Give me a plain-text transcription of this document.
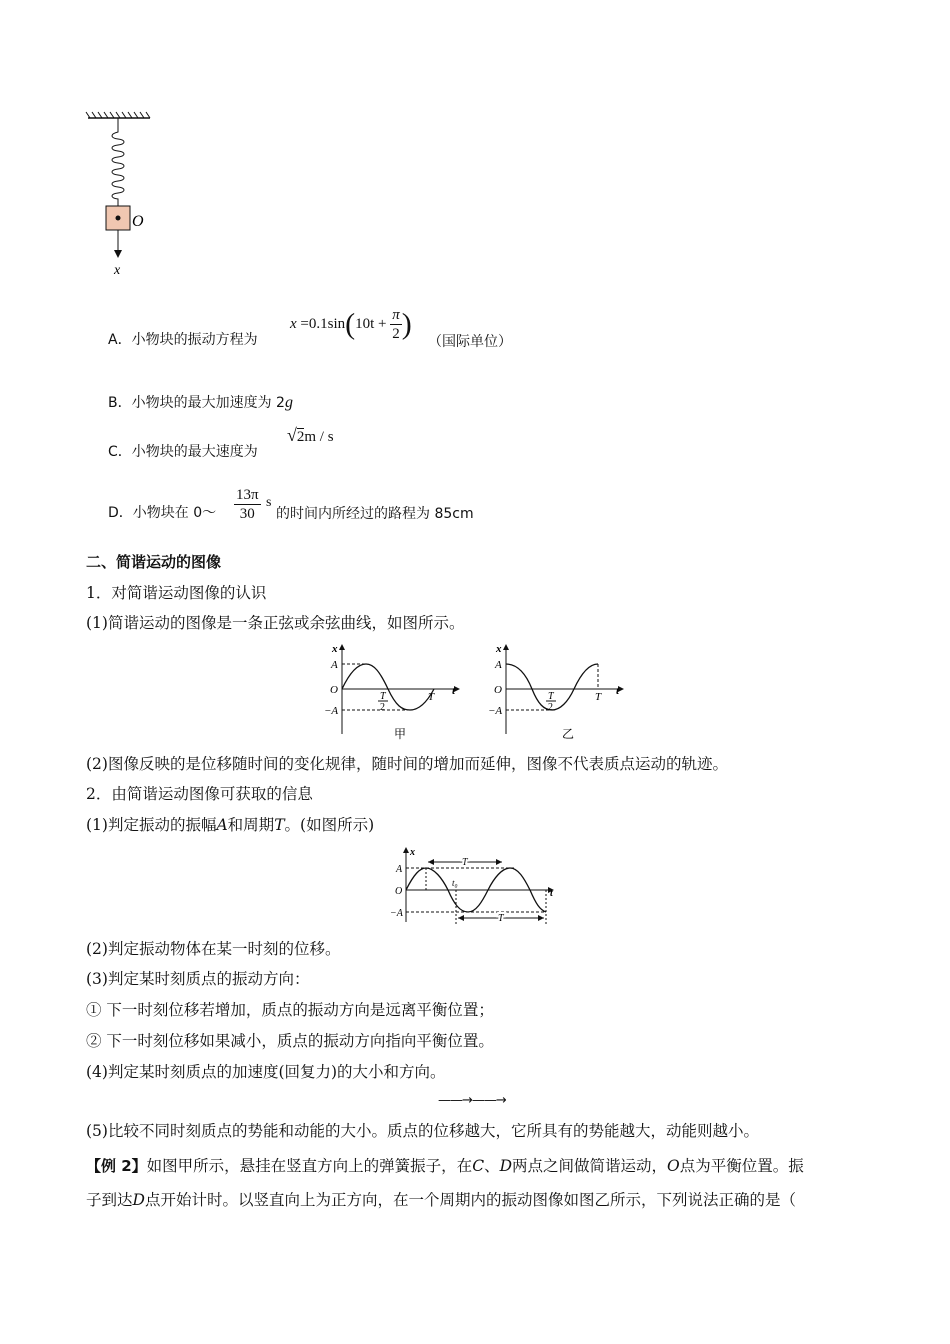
O
x
A．小物块的振动方程为
$x =0.1\sin(10t + \frac{\pi}{2}$ )
（国际单位）
B．小物块的最大加速度为 2g
C．小物块的最大速度为
√2m / s
D．小物块在 0～ $\frac{13\pi}{30}$ s
的时间内所经过的路程为 85cm
二、简谐运动的图像
1．对简谐运动图像的认识
(1)简谐运动的图像是一条正弦或余弦曲线，如图所示。
x
A
O
−A
t
T
T
2
甲
x
A
O
−A
t
T
T
2
乙
(2)图像反映的是位移随时间的变化规律，随时间的增加而延伸，图像不代表质点运动的轨迹。
2．由简谐运动图像可获取的信息
(1)判定振动的振幅A和周期T。(如图所示)
x
A
O
−A
t
T
T
t₀
(2)判定振动物体在某一时刻的位移。
(3)判定某时刻质点的振动方向：
① 下一时刻位移若增加，质点的振动方向是远离平衡位置；
② 下一时刻位移如果减小，质点的振动方向指向平衡位置。
(4)判定某时刻质点的加速度(回复力)的大小和方向。
——→——→
(5)比较不同时刻质点的势能和动能的大小。质点的位移越大，它所具有的势能越大，动能则越小。
【例 2】如图甲所示，悬挂在竖直方向上的弹簧振子，在C、D两点之间做简谐运动，O点为平衡位置。振
子到达D点开始计时。以竖直向上为正方向，在一个周期内的振动图像如图乙所示，下列说法正确的是（
